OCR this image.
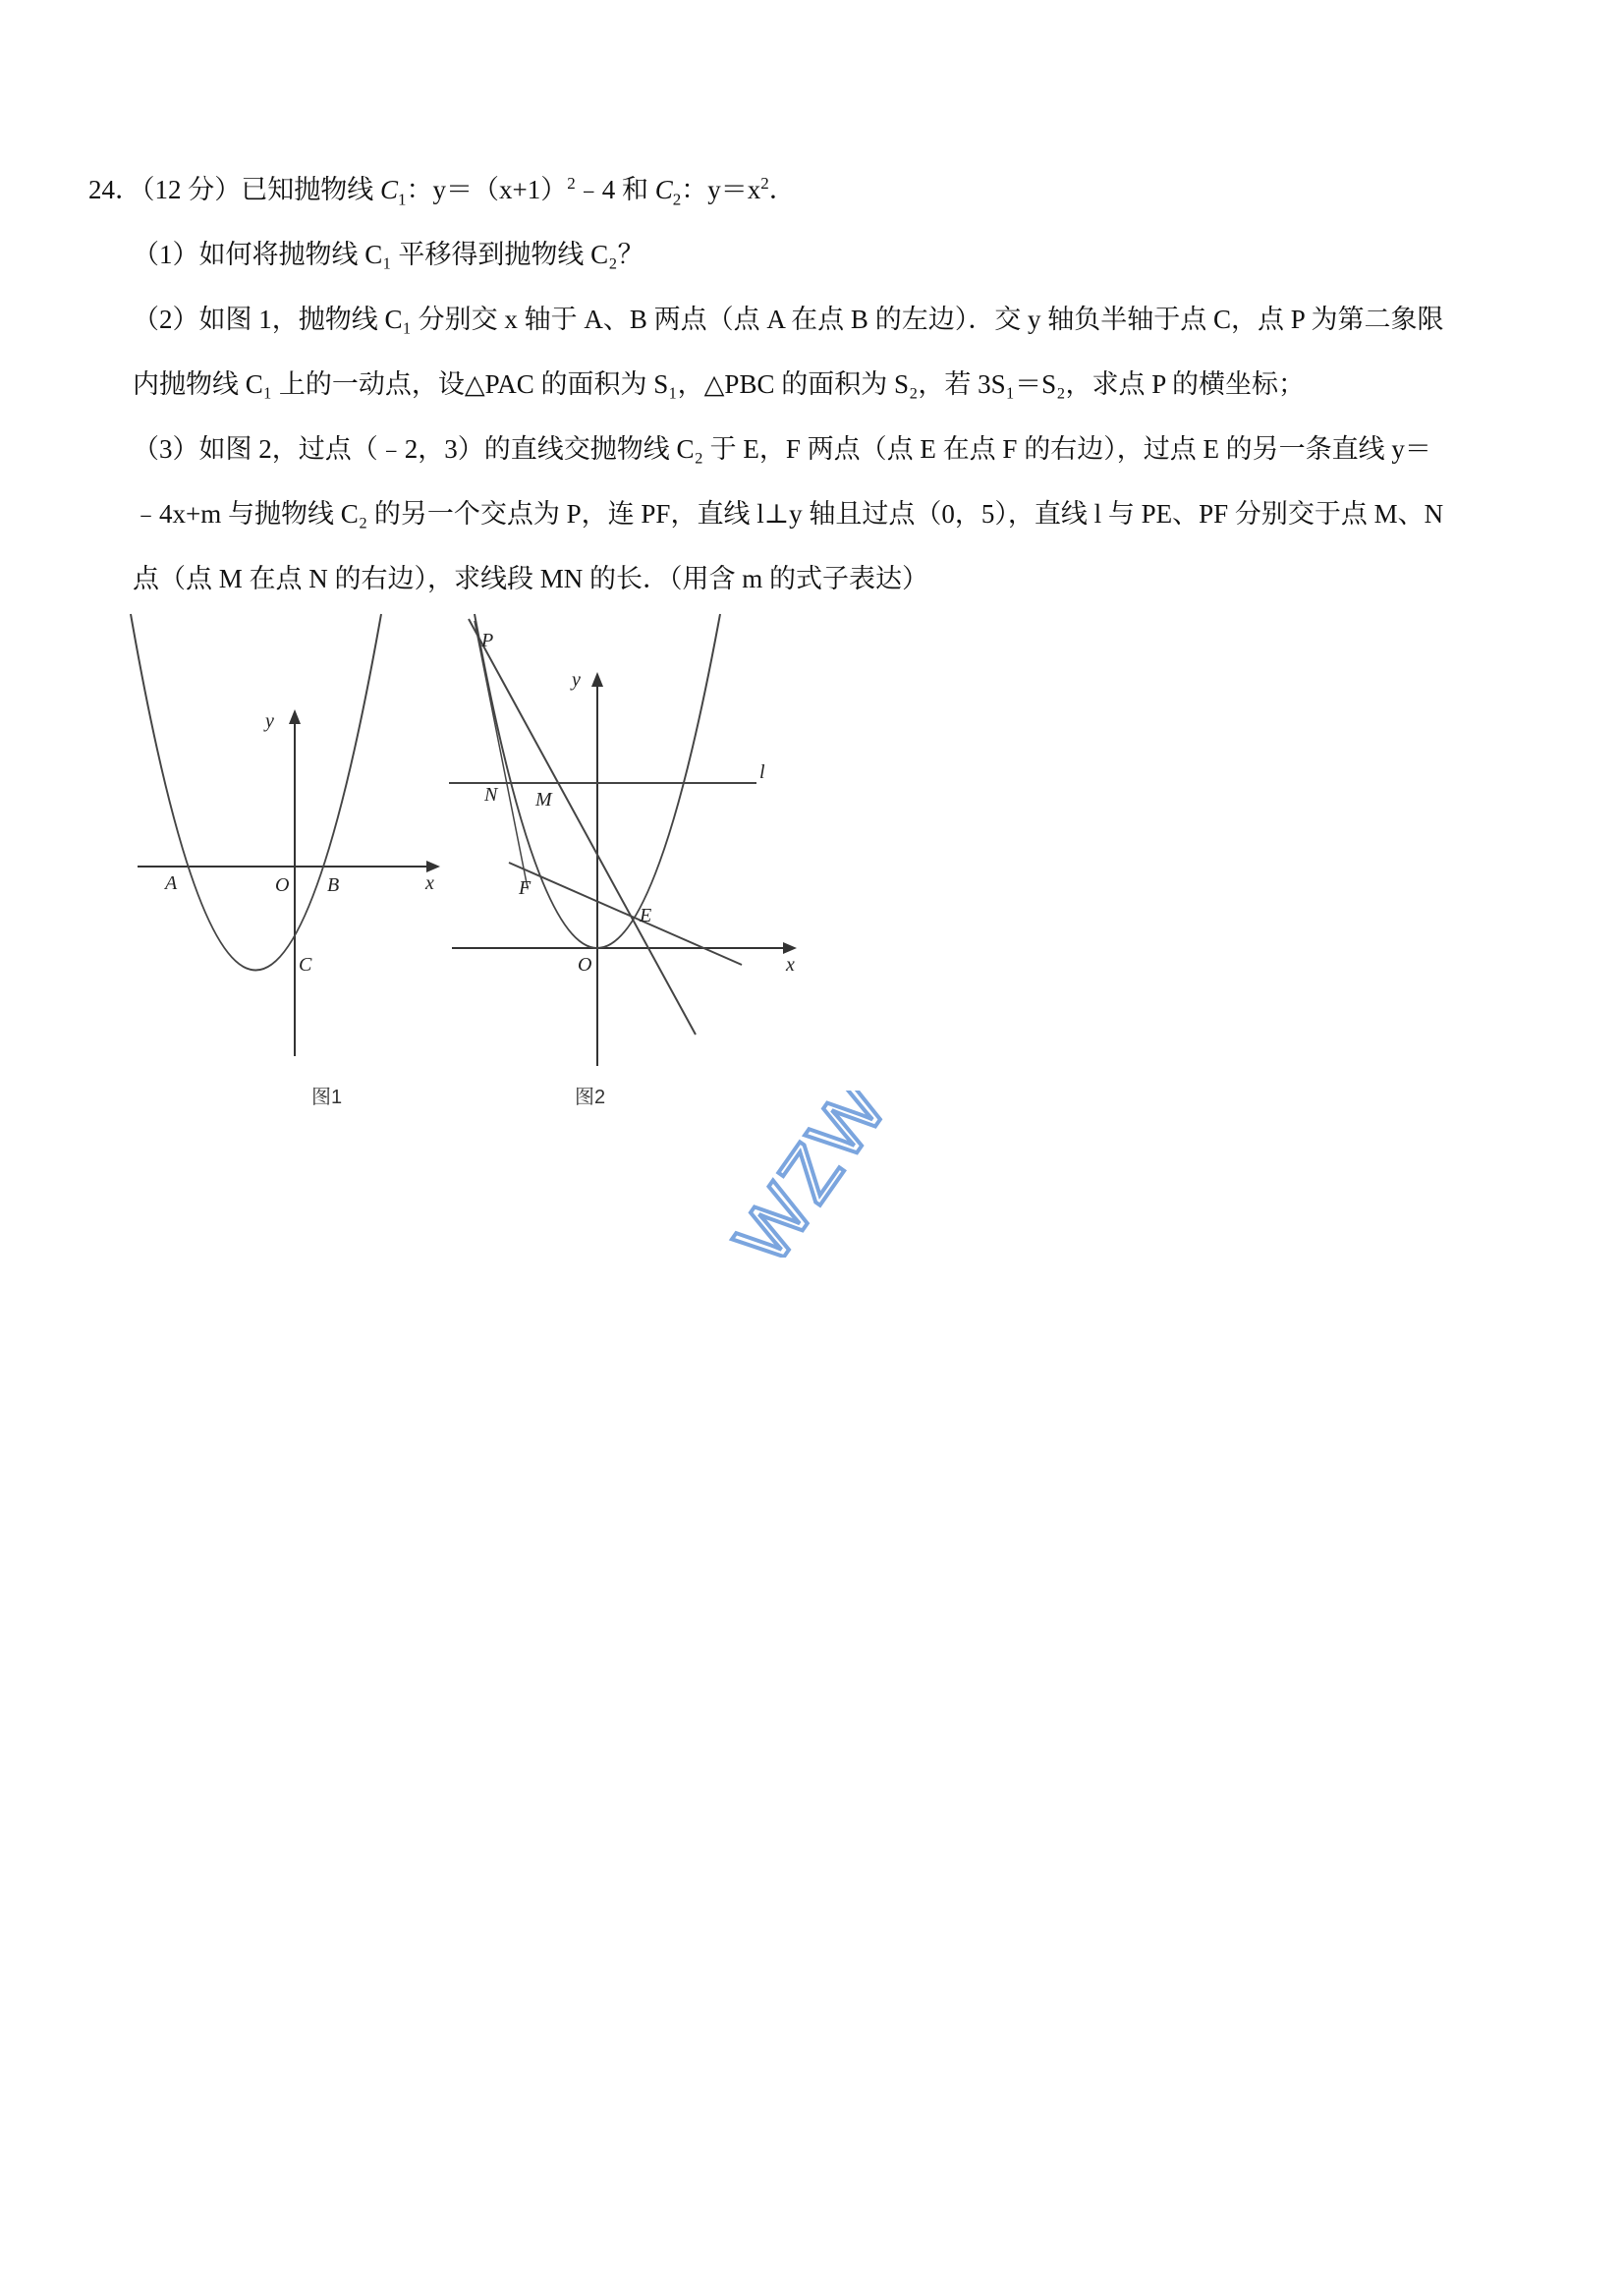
24．（12 分）已知抛物线 $C_1$：$y=(x+1)^2﹣4$ 和 $C_2$：$y=x^2$．

（1）如何将抛物线 C₁ 平移得到抛物线 C₂？

（2）如图 1，抛物线 C₁ 分别交 x 轴于 A、B 两点（点 A 在点 B 的左边）．交 y 轴负半轴于点 C，点 P 为第二象限

内抛物线 C₁ 上的一动点，设△PAC 的面积为 S₁，△PBC 的面积为 S₂，若 3S₁＝S₂，求点 P 的横坐标；

（3）如图 2，过点（﹣2，3）的直线交抛物线 C₂ 于 E，F 两点（点 E 在点 F 的右边），过点 E 的另一条直线 y＝

﹣4x+m 与抛物线 C₂ 的另一个交点为 P，连 PF，直线 l⊥y 轴且过点（0，5），直线 l 与 PE、PF 分别交于点 M、N

点（点 M 在点 N 的右边），求线段 MN 的长．（用含 m 的式子表达）

y
x
A	O B
C
图1
P
y
l
N M
F
E
O	x
图2 WZW
